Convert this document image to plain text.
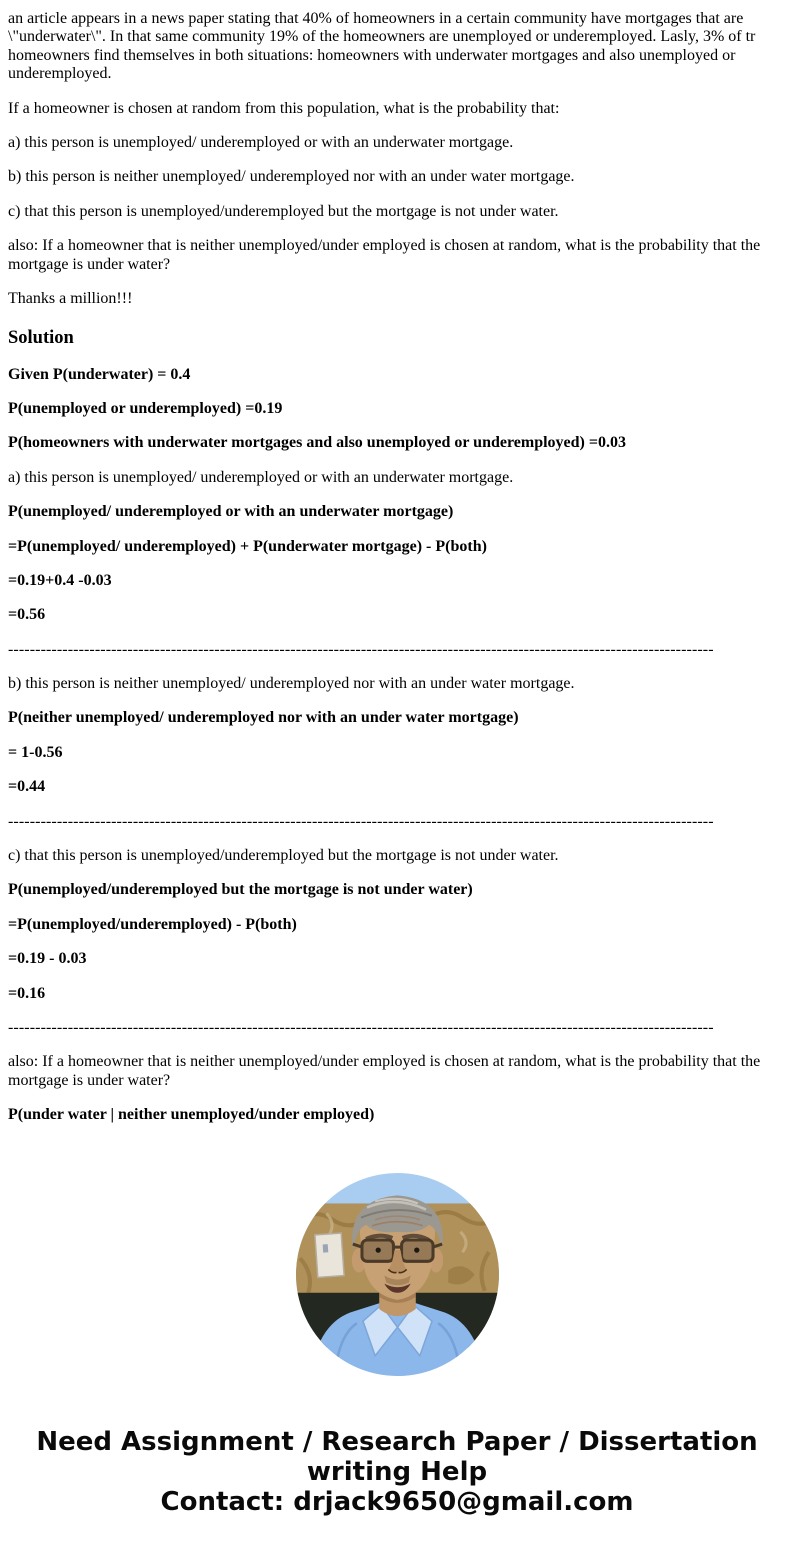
an article appears in a news paper stating that 40% of homeowners in a certain community have mortgages that are \"underwater\". In that same community 19% of the homeowners are unemployed or underemployed. Lasly, 3% of tr homeowners find themselves in both situations: homeowners with underwater mortgages and also unemployed or underemployed.

If a homeowner is chosen at random from this population, what is the probability that:

a) this person is unemployed/ underemployed or with an underwater mortgage.

b) this person is neither unemployed/ underemployed nor with an under water mortgage.

c) that this person is unemployed/underemployed but the mortgage is not under water.

also: If a homeowner that is neither unemployed/under employed is chosen at random, what is the probability that the mortgage is under water?

Thanks a million!!!

Solution

Given P(underwater) = 0.4

P(unemployed or underemployed) =0.19

P(homeowners with underwater mortgages and also unemployed or underemployed) =0.03

a) this person is unemployed/ underemployed or with an underwater mortgage.

P(unemployed/ underemployed or with an underwater mortgage)

=P(unemployed/ underemployed) + P(underwater mortgage) - P(both)

=0.19+0.4 -0.03

=0.56

----------------------------------------------------------------------------------------------------------------------------------

b) this person is neither unemployed/ underemployed nor with an under water mortgage.

P(neither unemployed/ underemployed nor with an under water mortgage)

= 1-0.56

=0.44

----------------------------------------------------------------------------------------------------------------------------------

c) that this person is unemployed/underemployed but the mortgage is not under water.

P(unemployed/underemployed but the mortgage is not under water)

=P(unemployed/underemployed) - P(both)

=0.19 - 0.03

=0.16

----------------------------------------------------------------------------------------------------------------------------------

also: If a homeowner that is neither unemployed/under employed is chosen at random, what is the probability that the mortgage is under water?

P(under water | neither unemployed/under employed)

Need Assignment / Research Paper / Dissertation writing Help
Contact: drjack9650@gmail.com
